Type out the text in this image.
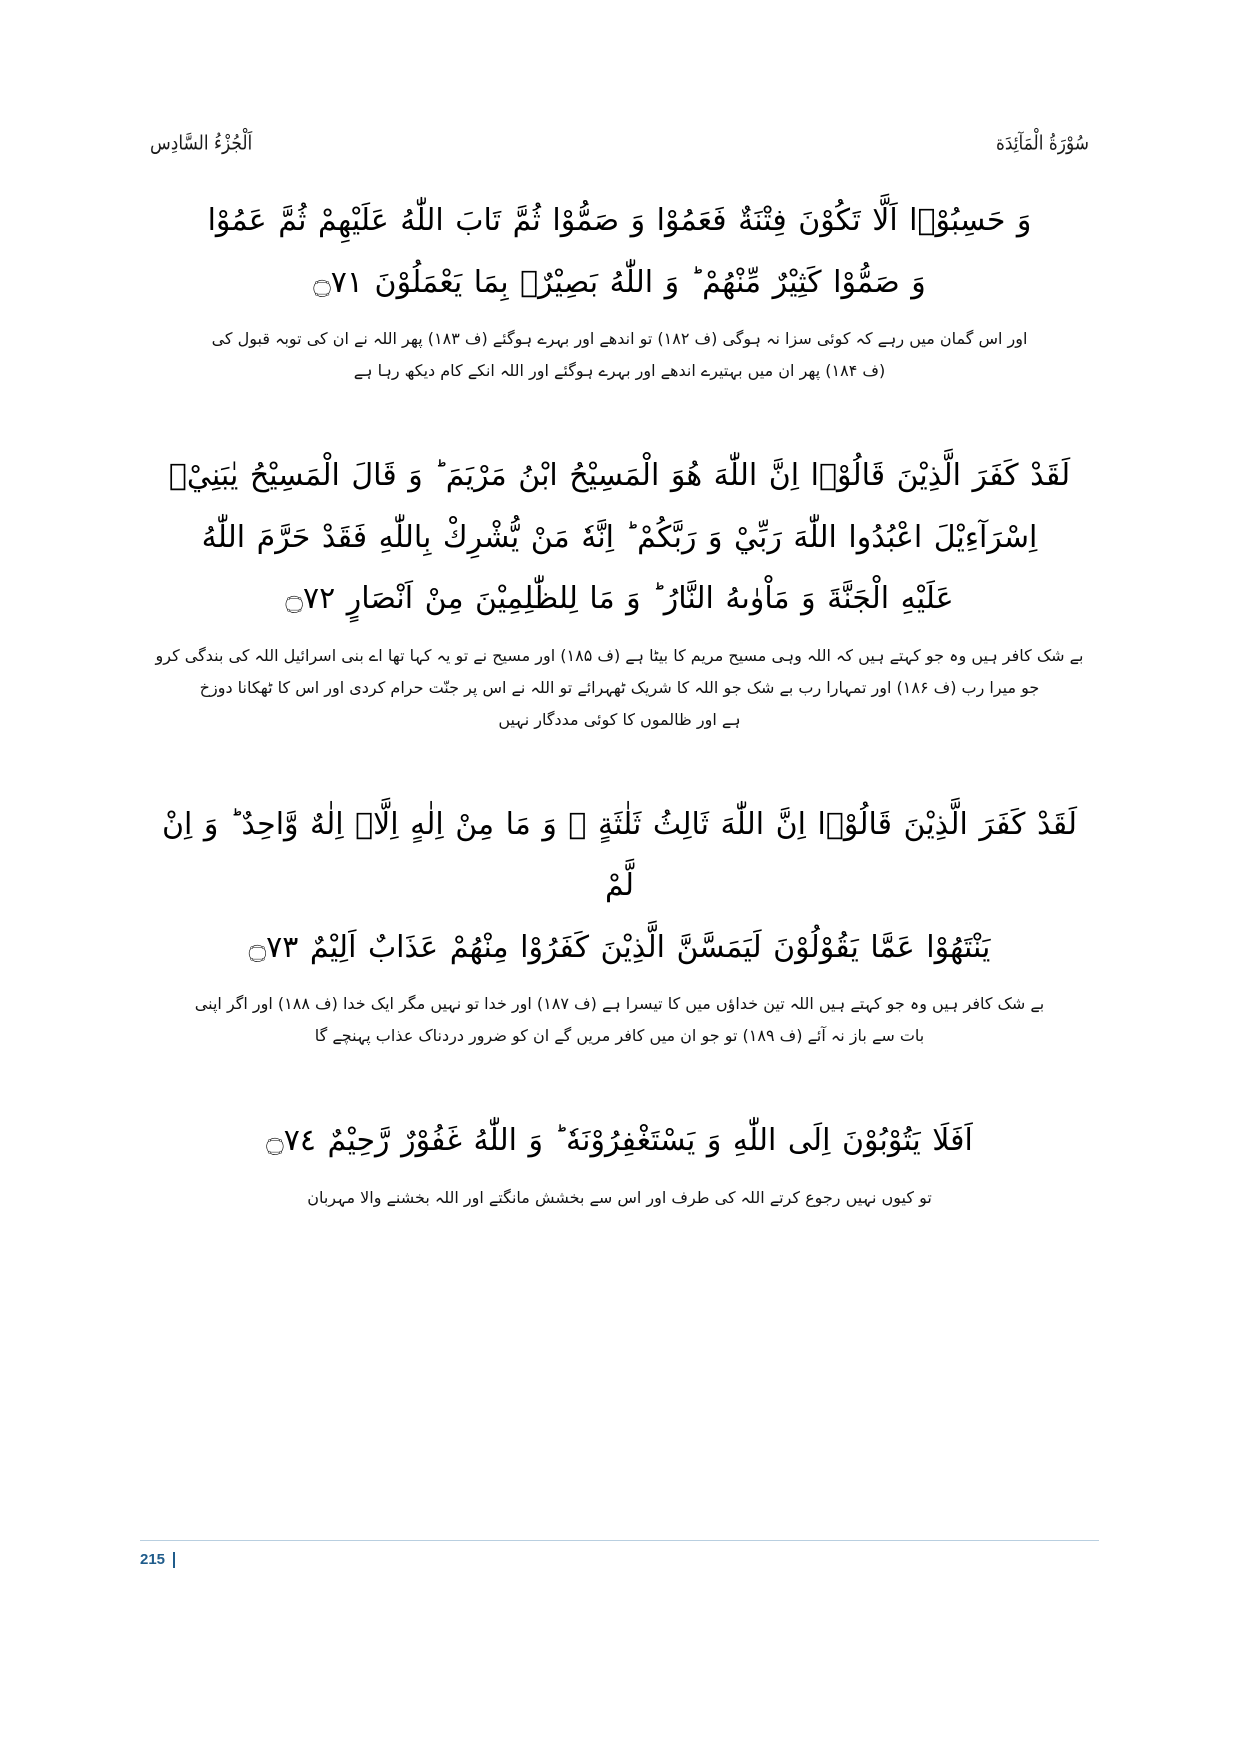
سُوْرَةُ الْمَآئِدَة
اَلْجُزْءُ السَّادِس
وَ حَسِبُوْۤا اَلَّا تَكُوْنَ فِتْنَةٌ فَعَمُوْا وَ صَمُّوْا ثُمَّ تَابَ اللّٰهُ عَلَيْهِمْ ثُمَّ عَمُوْا

وَ صَمُّوْا كَثِيْرٌ مِّنْهُمْ ؕ وَ اللّٰهُ بَصِيْرٌۢ بِمَا يَعْمَلُوْنَ ۝٧١
اور اس گمان میں رہے کہ کوئی سزا نہ ہوگی (ف ۱۸۲) تو اندھے اور بہرے ہوگئے (ف ۱۸۳) پھر اللہ نے ان کی توبہ قبول کی
(ف ۱۸۴) پھر ان میں بہتیرے اندھے اور بہرے ہوگئے اور اللہ انکے کام دیکھ رہا ہے
لَقَدْ كَفَرَ الَّذِيْنَ قَالُوْۤا اِنَّ اللّٰهَ هُوَ الْمَسِيْحُ ابْنُ مَرْيَمَ ؕ وَ قَالَ الْمَسِيْحُ يٰبَنِيْۤ
اِسْرَآءِيْلَ اعْبُدُوا اللّٰهَ رَبِّيْ وَ رَبَّكُمْ ؕ اِنَّهٗ مَنْ يُّشْرِكْ بِاللّٰهِ فَقَدْ حَرَّمَ اللّٰهُ

عَلَيْهِ الْجَنَّةَ وَ مَاْوٰىهُ النَّارُ ؕ وَ مَا لِلظّٰلِمِيْنَ مِنْ اَنْصَارٍ ۝٧٢
بے شک کافر ہیں وہ جو کہتے ہیں کہ اللہ وہی مسیح مریم کا بیٹا ہے (ف ۱۸۵) اور مسیح نے تو یہ کہا تھا اے بنی اسرائیل اللہ کی بندگی کرو
جو میرا رب (ف ۱۸۶) اور تمہارا رب بے شک جو اللہ کا شریک ٹھہرائے تو اللہ نے اس پر جنّت حرام کردی اور اس کا ٹھکانا دوزخ
ہے اور ظالموں کا کوئی مددگار نہیں
لَقَدْ كَفَرَ الَّذِيْنَ قَالُوْۤا اِنَّ اللّٰهَ ثَالِثُ ثَلٰثَةٍ ۘ وَ مَا مِنْ اِلٰهٍ اِلَّاۤ اِلٰهٌ وَّاحِدٌ ؕ وَ اِنْ لَّمْ

يَنْتَهُوْا عَمَّا يَقُوْلُوْنَ لَيَمَسَّنَّ الَّذِيْنَ كَفَرُوْا مِنْهُمْ عَذَابٌ اَلِيْمٌ ۝٧٣
بے شک کافر ہیں وہ جو کہتے ہیں اللہ تین خداؤں میں کا تیسرا ہے (ف ۱۸۷) اور خدا تو نہیں مگر ایک خدا (ف ۱۸۸) اور اگر اپنی
بات سے باز نہ آئے (ف ۱۸۹) تو جو ان میں کافر مریں گے ان کو ضرور دردناک عذاب پہنچے گا
اَفَلَا يَتُوْبُوْنَ اِلَى اللّٰهِ وَ يَسْتَغْفِرُوْنَهٗ ؕ وَ اللّٰهُ غَفُوْرٌ رَّحِيْمٌ ۝٧٤
تو کیوں نہیں رجوع کرتے اللہ کی طرف اور اس سے بخشش مانگتے اور اللہ بخشنے والا مہربان
215
